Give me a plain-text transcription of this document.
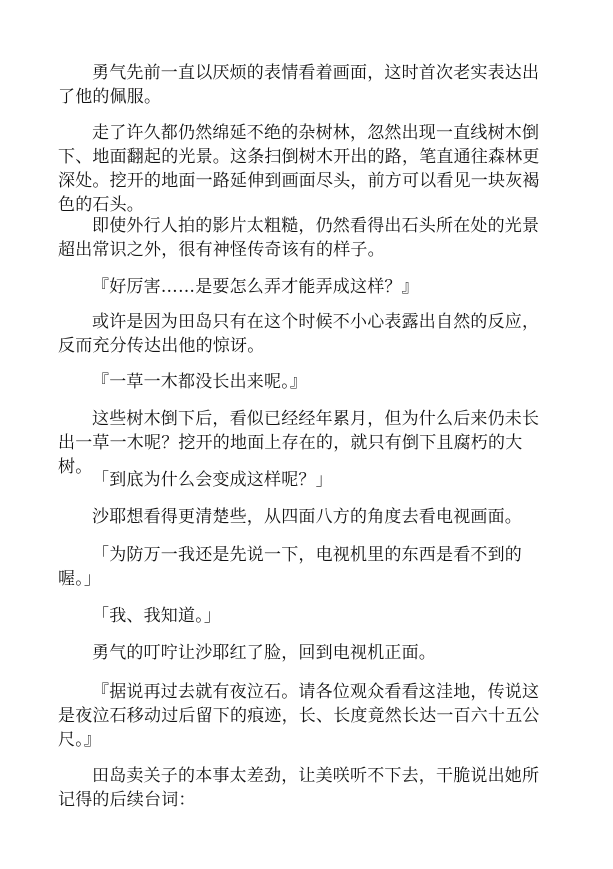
勇气先前一直以厌烦的表情看着画面，这时首次老实表达出了他的佩服。

走了许久都仍然绵延不绝的杂树林，忽然出现一直线树木倒下、地面翻起的光景。这条扫倒树木开出的路，笔直通往森林更深处。挖开的地面一路延伸到画面尽头，前方可以看见一块灰褐色的石头。

即使外行人拍的影片太粗糙，仍然看得出石头所在处的光景超出常识之外，很有神怪传奇该有的样子。

『好厉害……是要怎么弄才能弄成这样？』

或许是因为田岛只有在这个时候不小心表露出自然的反应，反而充分传达出他的惊讶。

『一草一木都没长出来呢。』

这些树木倒下后，看似已经经年累月，但为什么后来仍未长出一草一木呢？挖开的地面上存在的，就只有倒下且腐朽的大树。

「到底为什么会变成这样呢？」

沙耶想看得更清楚些，从四面八方的角度去看电视画面。

「为防万一我还是先说一下，电视机里的东西是看不到的喔。」

「我、我知道。」

勇气的叮咛让沙耶红了脸，回到电视机正面。

『据说再过去就有夜泣石。请各位观众看看这洼地，传说这是夜泣石移动过后留下的痕迹，长、长度竟然长达一百六十五公尺。』

田岛卖关子的本事太差劲，让美咲听不下去，干脆说出她所记得的后续台词：
